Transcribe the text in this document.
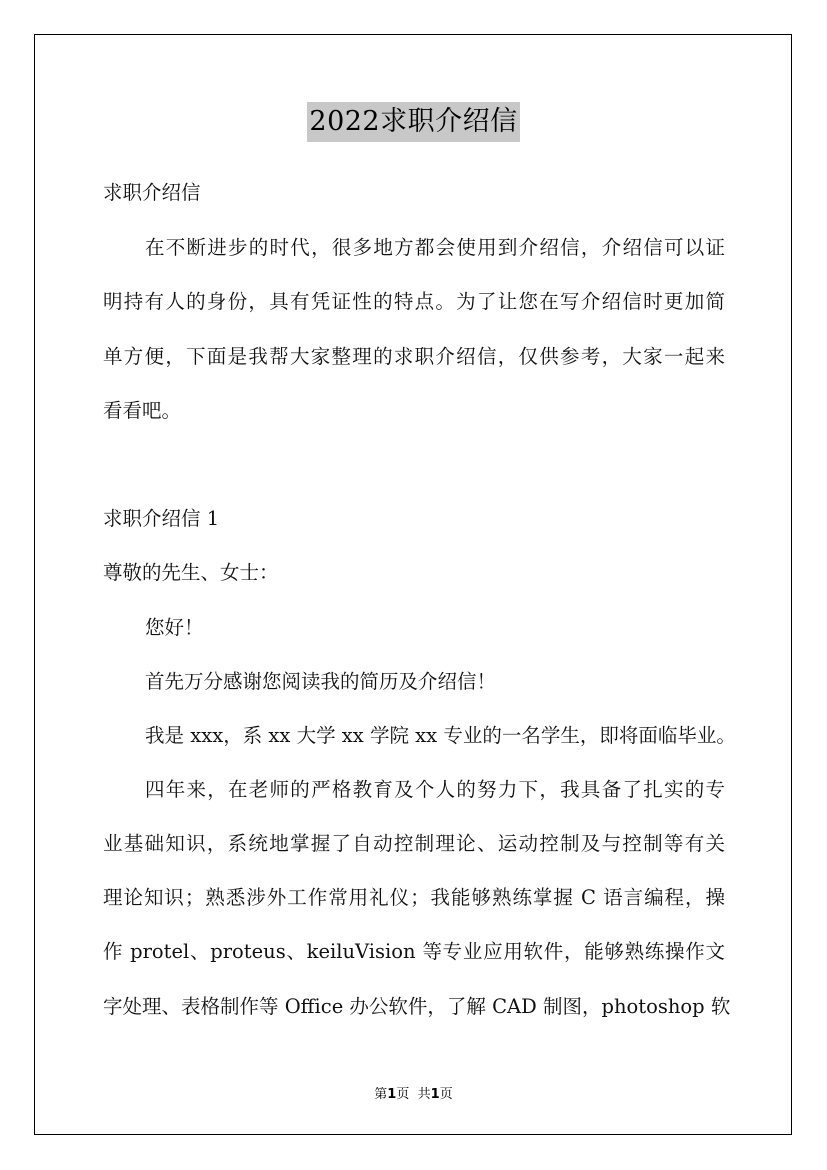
2022求职介绍信
求职介绍信
在不断进步的时代，很多地方都会使用到介绍信，介绍信可以证
明持有人的身份，具有凭证性的特点。为了让您在写介绍信时更加简
单方便，下面是我帮大家整理的求职介绍信，仅供参考，大家一起来
看看吧。
求职介绍信 1
尊敬的先生、女士：
您好！
首先万分感谢您阅读我的简历及介绍信！
我是 xxx，系 xx 大学 xx 学院 xx 专业的一名学生，即将面临毕业。
四年来，在老师的严格教育及个人的努力下，我具备了扎实的专
业基础知识，系统地掌握了自动控制理论、运动控制及与控制等有关
理论知识；熟悉涉外工作常用礼仪；我能够熟练掌握 C 语言编程，操
作 protel、proteus、keiluVision 等专业应用软件，能够熟练操作文
字处理、表格制作等 Office 办公软件，了解 CAD 制图，photoshop 软
第1页 共1页
